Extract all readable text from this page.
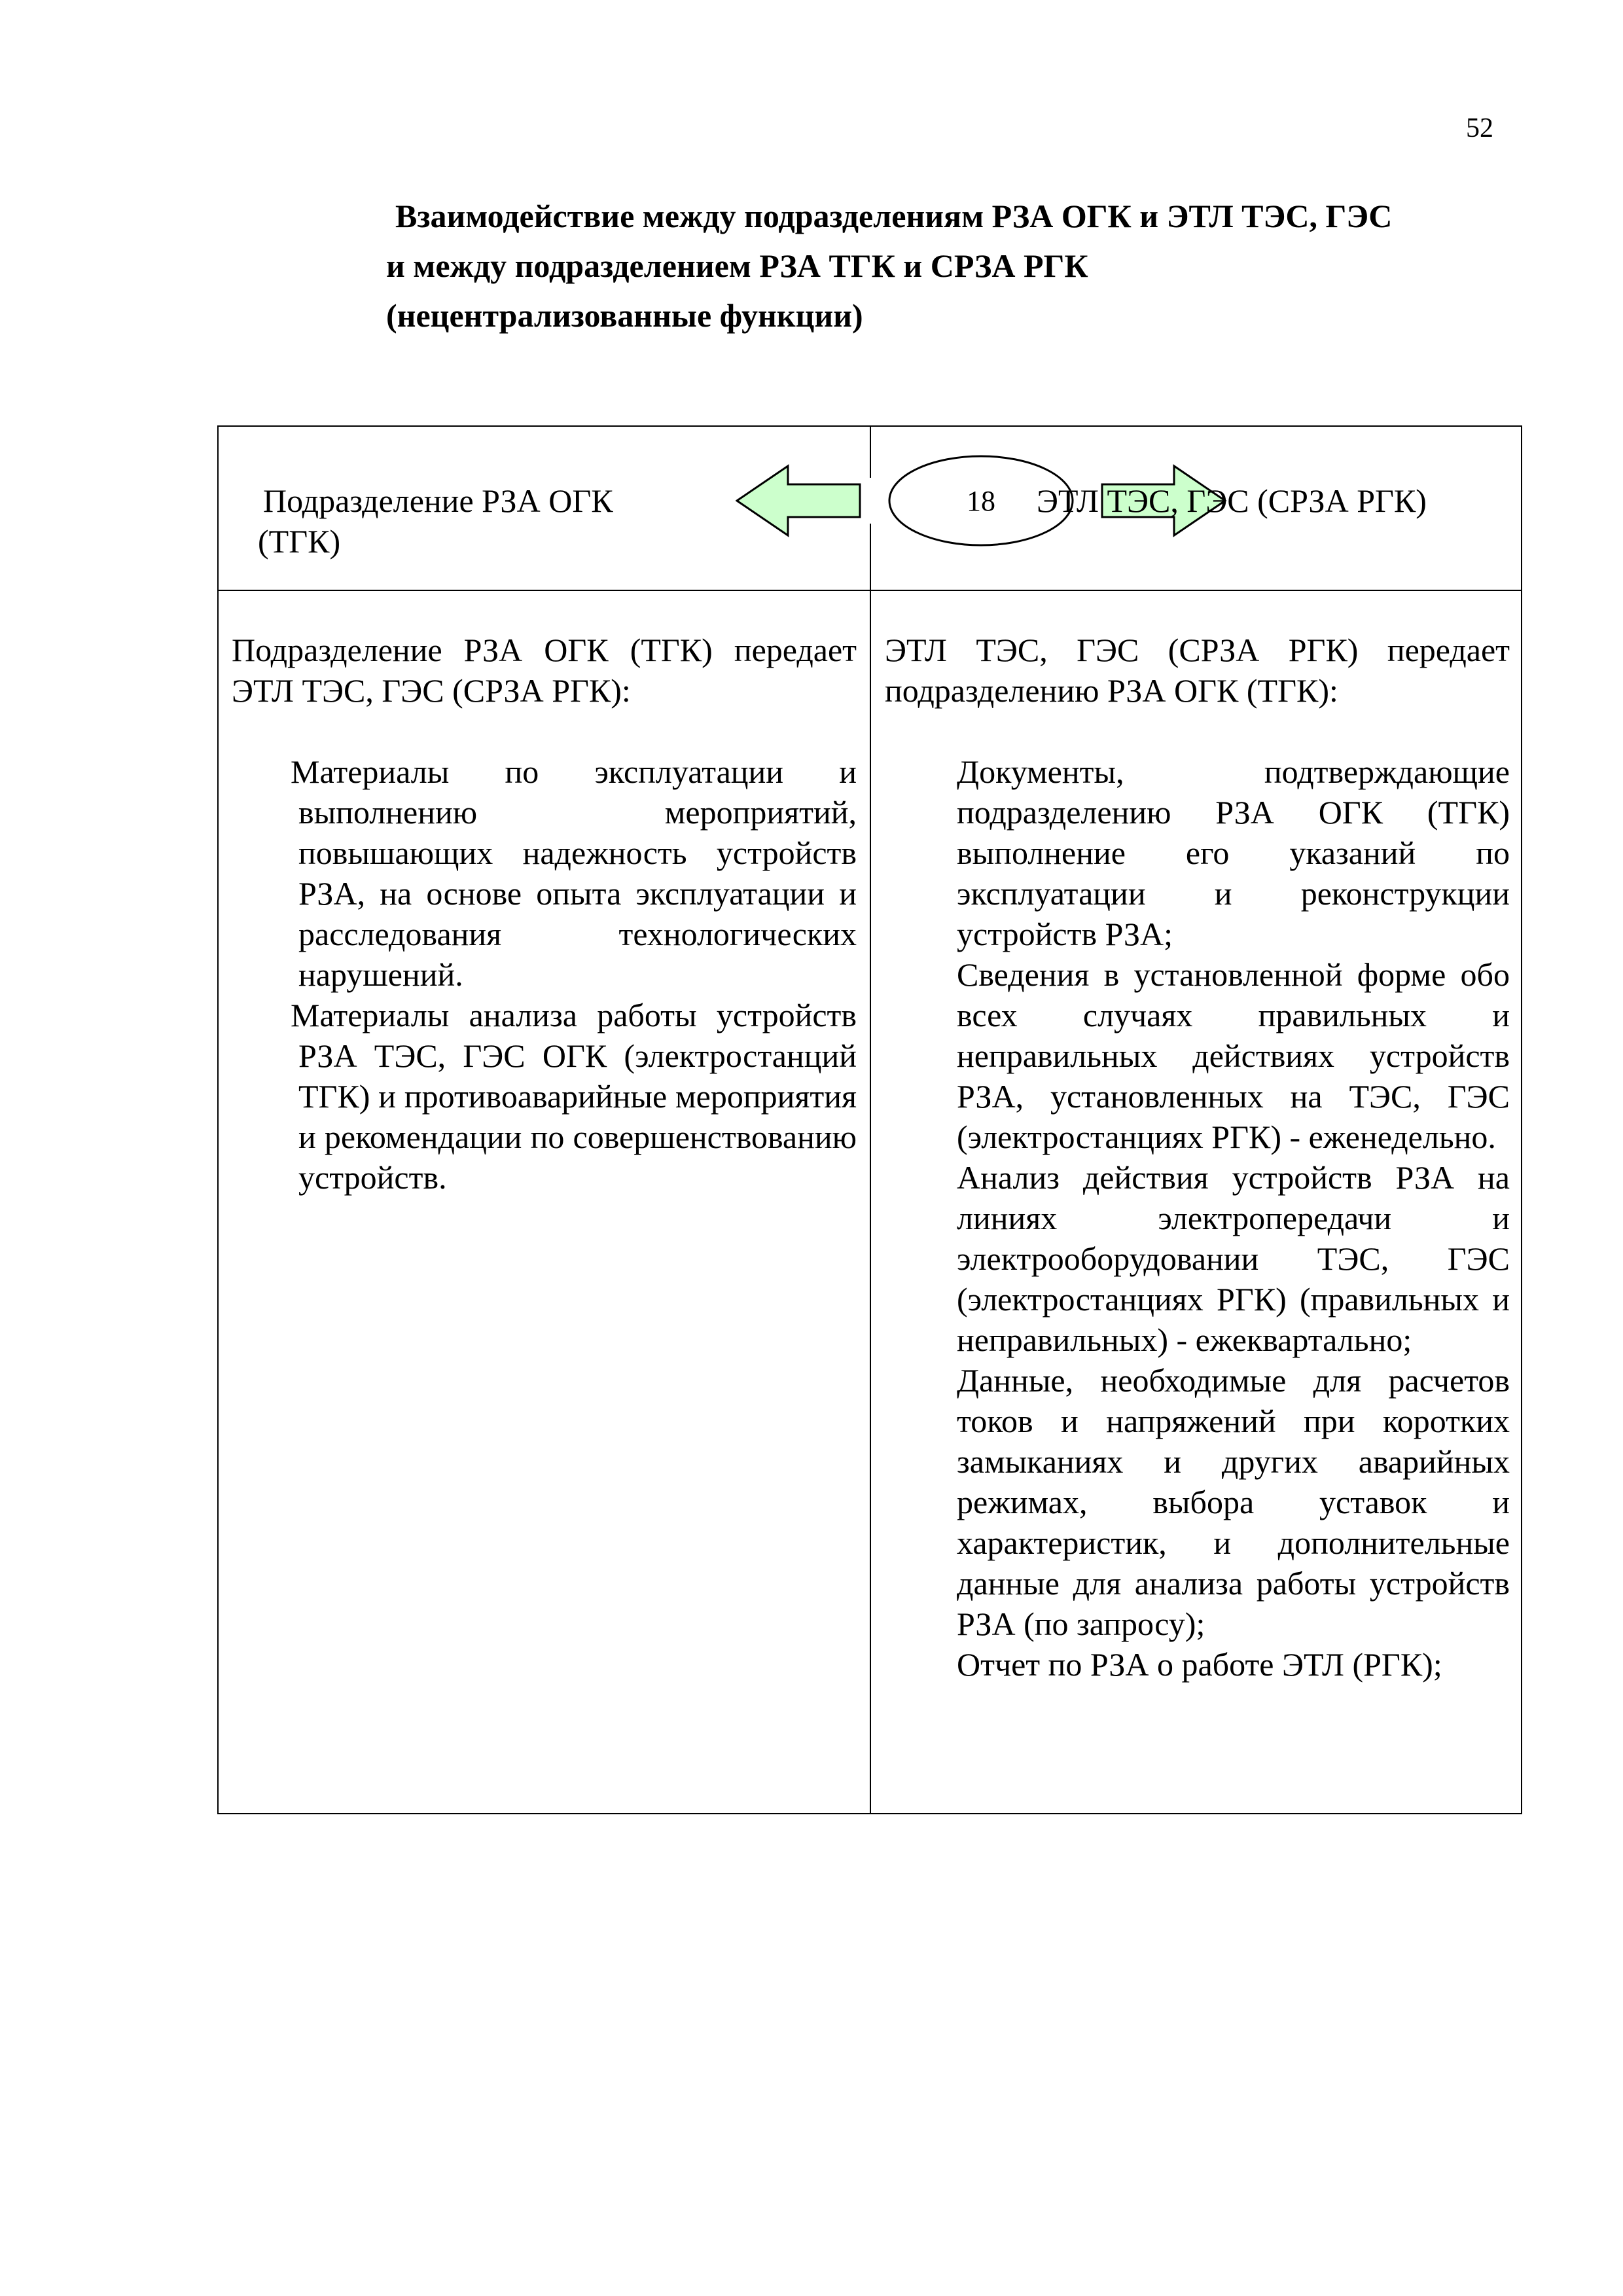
52
Взаимодействие между подразделениям РЗА ОГК и ЭТЛ ТЭС, ГЭС
и между подразделением РЗА ТГК и СРЗА РГК
(нецентрализованные функции)
Подразделение РЗА ОГК
(ТГК)
18 ЭТЛ ТЭС, ГЭС (СРЗА РГК)
Подразделение РЗА ОГК (ТГК) передает ЭТЛ ТЭС, ГЭС (СРЗА РГК):
ЭТЛ ТЭС, ГЭС (СРЗА РГК) передает подразделению РЗА ОГК (ТГК):
Материалы по эксплуатации и выполнению мероприятий, повышающих надежность устройств РЗА, на основе опыта эксплуатации и расследования технологических нарушений.
Материалы анализа работы устройств РЗА ТЭС, ГЭС ОГК (электростанций ТГК) и противоаварийные мероприятия и рекомендации по совершенствованию устройств.
Документы, подтверждающие подразделению РЗА ОГК (ТГК) выполнение его указаний по эксплуатации и реконструкции устройств РЗА;
Сведения в установленной форме обо всех случаях правильных и неправильных действиях устройств РЗА, установленных на ТЭС, ГЭС (электростанциях РГК) - еженедельно.
Анализ действия устройств РЗА на линиях электропередачи и электрооборудовании ТЭС, ГЭС (электростанциях РГК) (правильных и неправильных) - ежеквартально;
Данные, необходимые для расчетов токов и напряжений при коротких замыканиях и других аварийных режимах, выбора уставок и характеристик, и дополнительные данные для анализа работы устройств РЗА (по запросу);
Отчет по РЗА о работе ЭТЛ (РГК);
